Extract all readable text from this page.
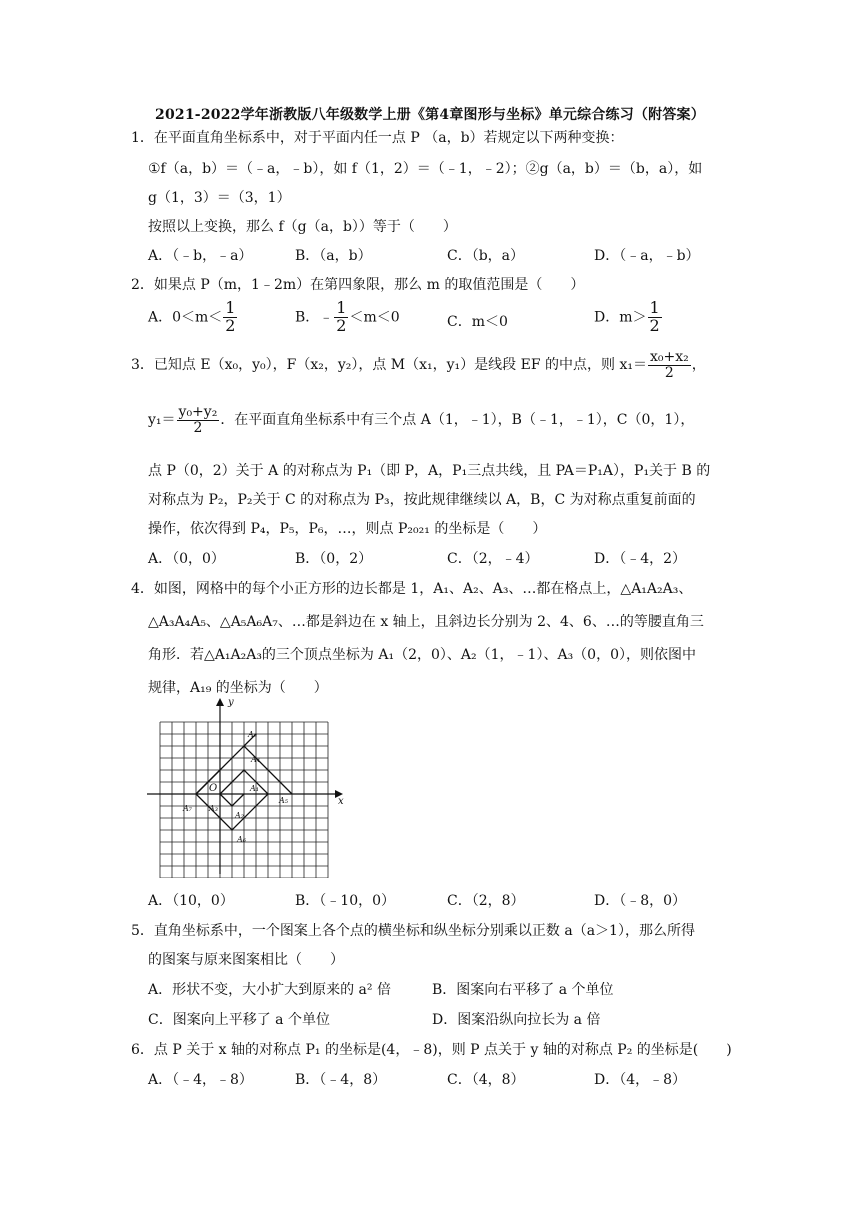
2021-2022学年浙教版八年级数学上册《第4章图形与坐标》单元综合练习（附答案）
1．在平面直角坐标系中，对于平面内任一点 P （a，b）若规定以下两种变换：
①f（a，b）＝（﹣a，﹣b），如 f（1，2）＝（﹣1，﹣2）；②g（a，b）＝（b，a），如
g（1，3）＝（3，1）
按照以上变换，那么 f（g（a，b））等于（　　）
A．（﹣b，﹣a）	B．（a，b）	C．（b，a）	D．（﹣a，﹣b）
2．如果点 P（m，1﹣2m）在第四象限，那么 m 的取值范围是（　　）
A．$0<m< \frac{1}{2}$	B．﹣ $\frac{1}{2} <m<0$	C．m＜0	D．$m> \frac{1}{2}$
3．已知点 E（x₀，y₀），F（x₂，y₂），点 M（x₁，y₁）是线段 EF 的中点，则 $x_1= \frac{\text{x₀+x₂}}{2}$ ，
$y_1= \frac{\text{y₀+y₂}}{2}$ ．在平面直角坐标系中有三个点 A（1，﹣1），B（﹣1，﹣1），C（0，1），
点 P（0，2）关于 A 的对称点为 P₁（即 P，A，P₁三点共线，且 PA＝P₁A），P₁关于 B 的
对称点为 P₂，P₂关于 C 的对称点为 P₃，按此规律继续以 A，B，C 为对称点重复前面的
操作，依次得到 P₄，P₅，P₆，…，则点 P₂₀₂₁ 的坐标是（　　）
A．（0，0）	B．（0，2）	C．（2，﹣4）	D．（﹣4，2）
4．如图，网格中的每个小正方形的边长都是 1，A₁、A₂、A₃、…都在格点上，△A₁A₂A₃、
△A₃A₄A₅、△A₅A₆A₇、…都是斜边在 x 轴上，且斜边长分别为 2、4、6、…的等腰直角三
角形．若△A₁A₂A₃的三个顶点坐标为 A₁（2，0）、A₂（1，﹣1）、A₃（0，0），则依图中
规律，A₁₉ 的坐标为（　　）
y
x
O
A₈
A₄
A₁
A₅
A₃
A₇
A₂
A₆
A．（10，0）	B．（﹣10，0）	C．（2，8）	D．（﹣8，0）
5．直角坐标系中，一个图案上各个点的横坐标和纵坐标分别乘以正数 a（a＞1），那么所得
的图案与原来图案相比（　　）
A．形状不变，大小扩大到原来的 a² 倍	B．图案向右平移了 a 个单位
C．图案向上平移了 a 个单位	D．图案沿纵向拉长为 a 倍
6．点 P 关于 x 轴的对称点 P₁ 的坐标是(4，﹣8)，则 P 点关于 y 轴的对称点 P₂ 的坐标是(　　)
A．（﹣4，﹣8）	B．（﹣4，8）	C．（4，8）	D．（4，﹣8）
